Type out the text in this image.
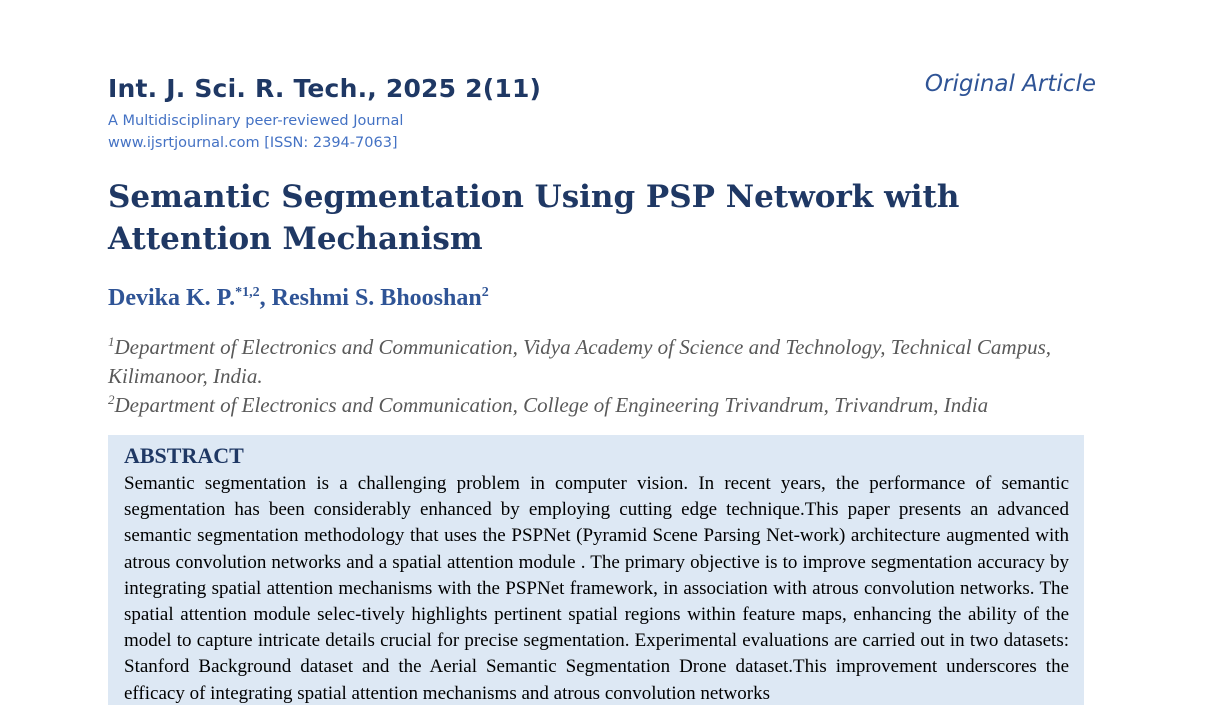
Int. J. Sci. R. Tech., 2025 2(11)	Original Article
A Multidisciplinary peer-reviewed Journal
www.ijsrtjournal.com [ISSN: 2394-7063]
Semantic Segmentation Using PSP Network with Attention Mechanism
Devika K. P.$^{*1,2}$, Reshmi S. Bhooshan$^2$
$^1$Department of Electronics and Communication, Vidya Academy of Science and Technology, Technical Campus, Kilimanoor, India.
$^2$Department of Electronics and Communication, College of Engineering Trivandrum, Trivandrum, India
ABSTRACT
Semantic segmentation is a challenging problem in computer vision. In recent years, the performance of semantic segmentation has been considerably enhanced by employing cutting edge technique.This paper presents an advanced semantic segmentation methodology that uses the PSPNet (Pyramid Scene Parsing Net-work) architecture augmented with atrous convolution networks and a spatial attention module . The primary objective is to improve segmentation accuracy by integrating spatial attention mechanisms with the PSPNet framework, in association with atrous convolution networks. The spatial attention module selec-tively highlights pertinent spatial regions within feature maps, enhancing the ability of the model to capture intricate details crucial for precise segmentation. Experimental evaluations are carried out in two datasets: Stanford Background dataset and the Aerial Semantic Segmentation Drone dataset.This improvement underscores the efficacy of integrating spatial attention mechanisms and atrous convolution networks
